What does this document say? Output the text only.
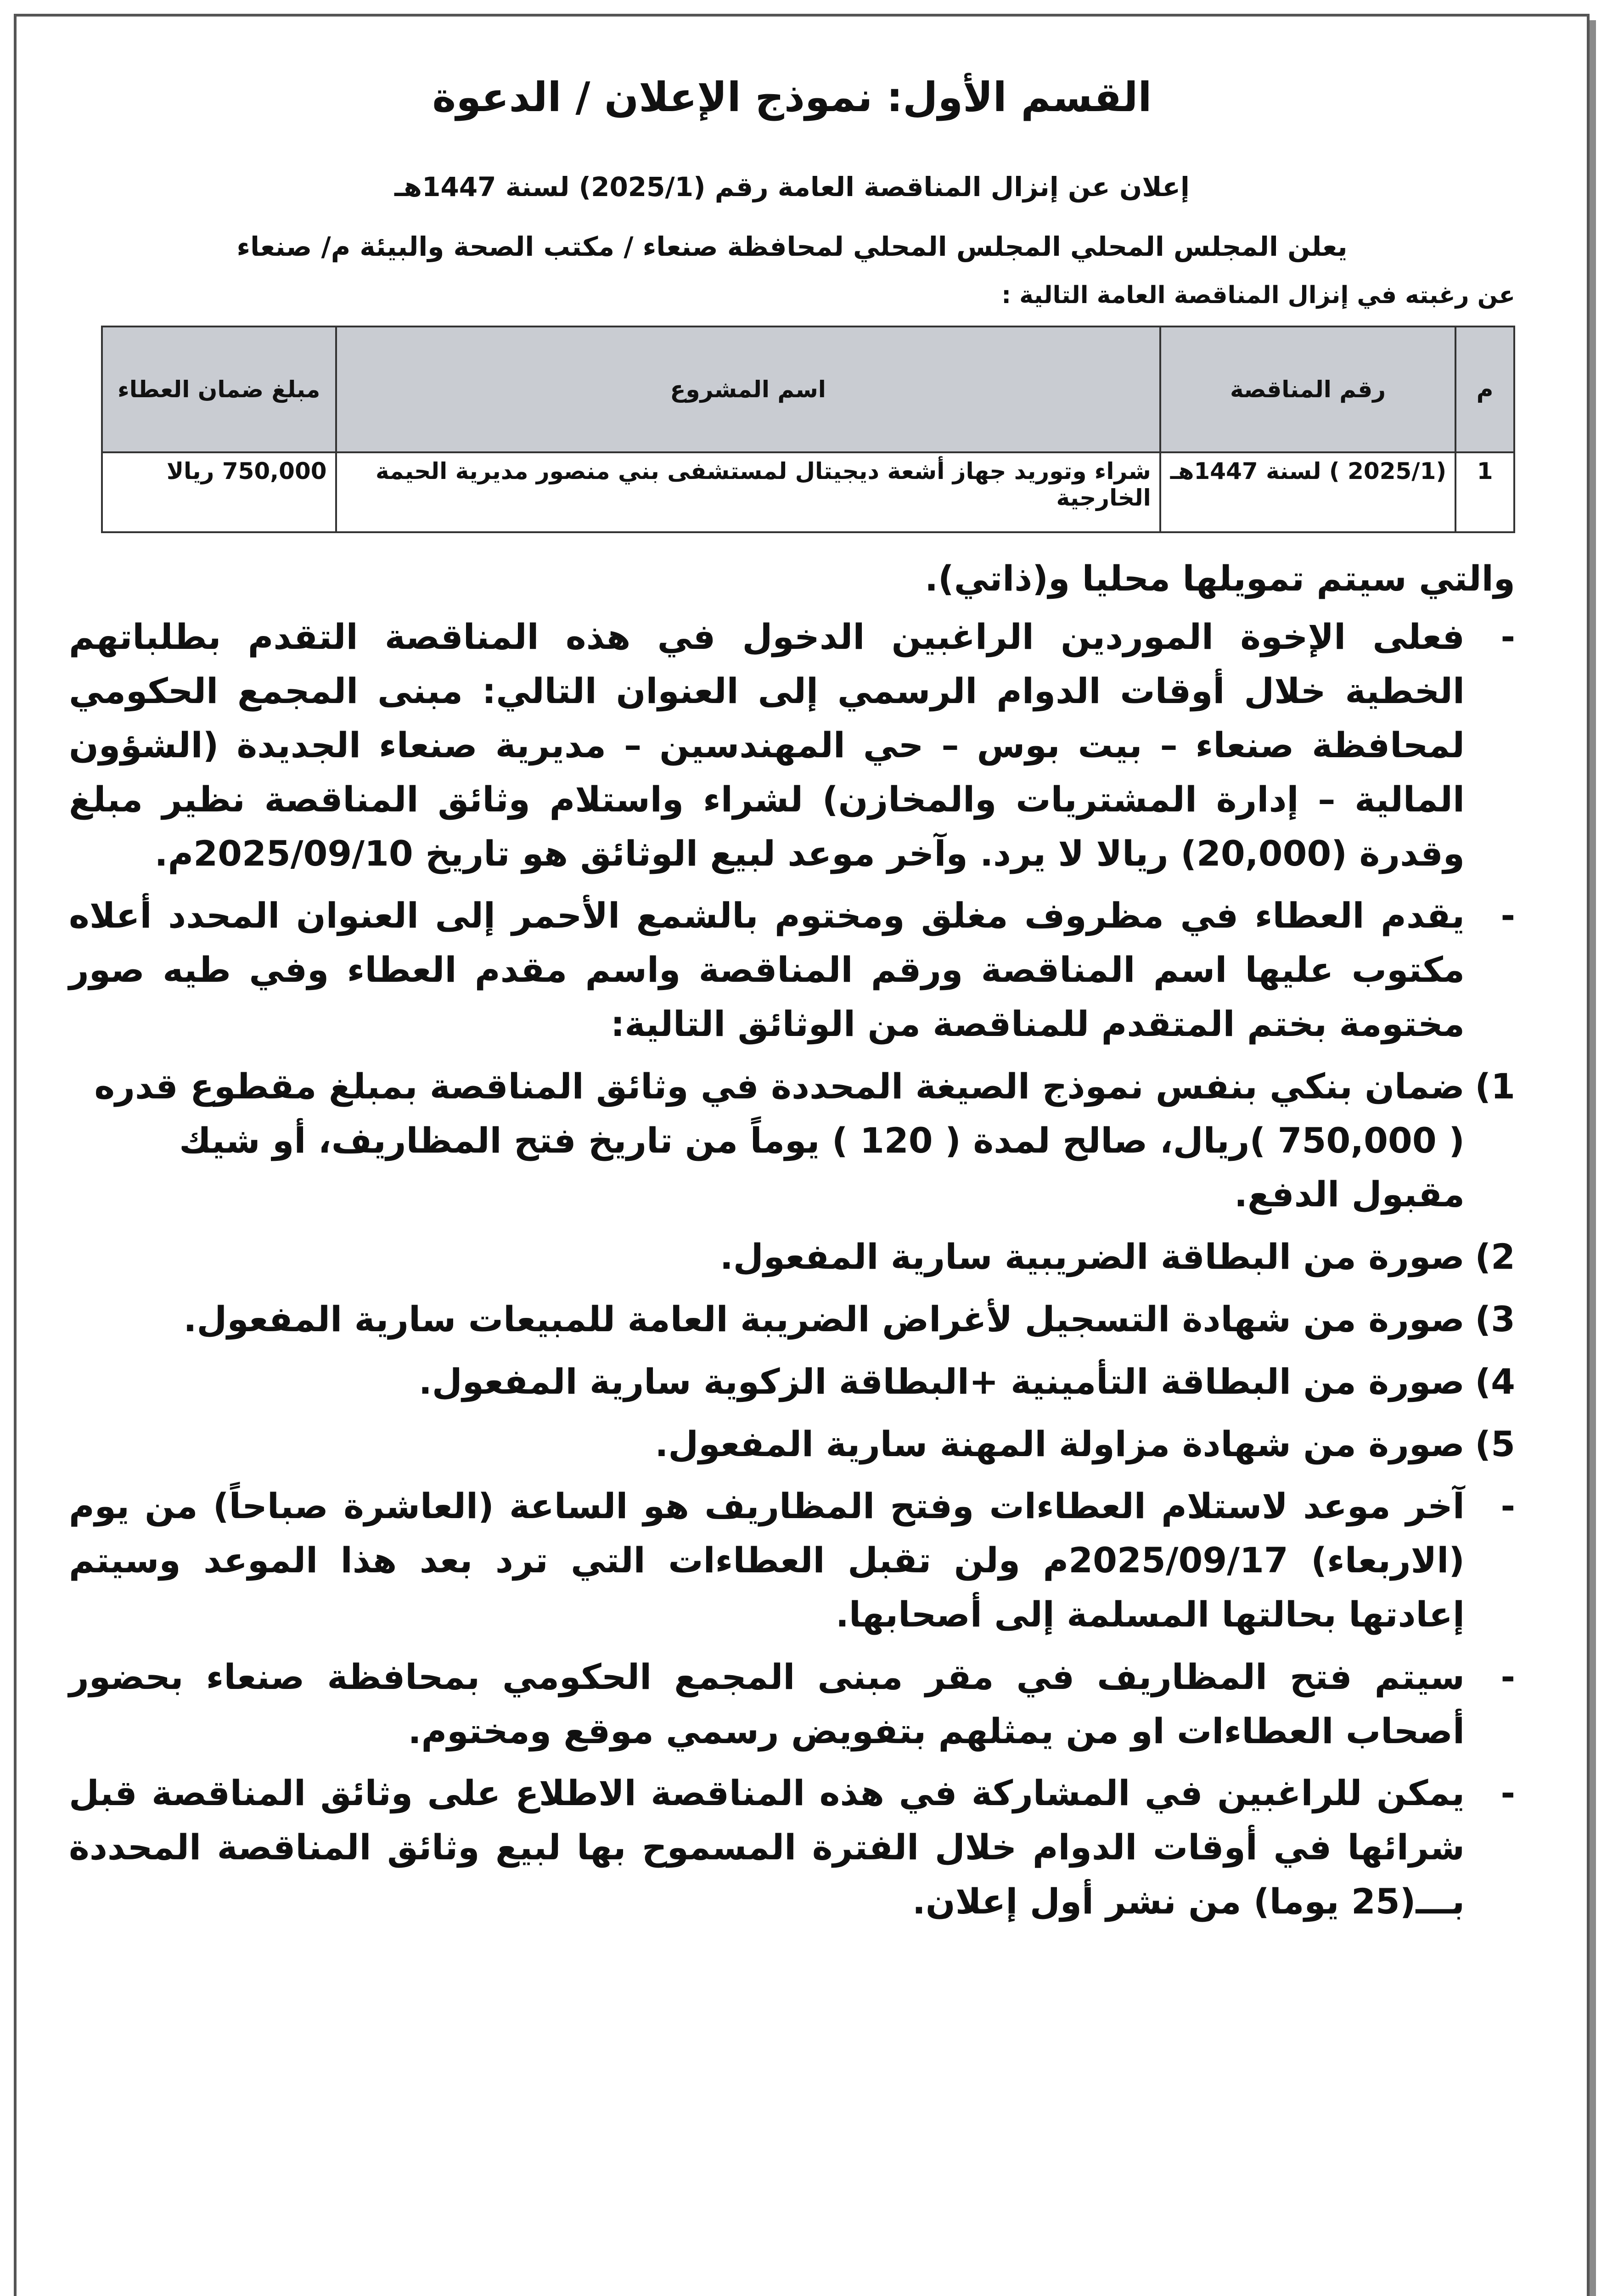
القسم الأول: نموذج الإعلان / الدعوة

إعلان عن إنزال المناقصة العامة رقم (2025/1) لسنة 1447هـ

يعلن المجلس المحلي المجلس المحلي لمحافظة صنعاء / مكتب الصحة والبيئة م/ صنعاء

عن رغبته في إنزال المناقصة العامة التالية :

م	رقم المناقصة	اسم المشروع	مبلغ ضمان العطاء
1	(2025/1 ) لسنة 1447هـ	شراء وتوريد جهاز أشعة ديجيتال لمستشفى بني منصور مديرية الحيمة الخارجية	750,000 ريالا

والتي سيتم تمويلها محليا و(ذاتي).

-
فعلى الإخوة الموردين الراغبين الدخول في هذه المناقصة التقدم بطلباتهم الخطية خلال أوقات الدوام الرسمي إلى العنوان التالي: مبنى المجمع الحكومي لمحافظة صنعاء – بيت بوس – حي المهندسين – مديرية صنعاء الجديدة (الشؤون المالية – إدارة المشتريات والمخازن) لشراء واستلام وثائق المناقصة نظير مبلغ وقدرة (20,000) ريالا لا يرد. وآخر موعد لبيع الوثائق هو تاريخ 2025/09/10م.
-
يقدم العطاء في مظروف مغلق ومختوم بالشمع الأحمر إلى العنوان المحدد أعلاه مكتوب عليها اسم المناقصة ورقم المناقصة واسم مقدم العطاء وفي طيه صور مختومة بختم المتقدم للمناقصة من الوثائق التالية:
1)
ضمان بنكي بنفس نموذج الصيغة المحددة في وثائق المناقصة بمبلغ مقطوع قدره ( 750,000 )ريال، صالح لمدة ( 120 ) يوماً من تاريخ فتح المظاريف، أو شيك مقبول الدفع.
2)
صورة من البطاقة الضريبية سارية المفعول.
3)
صورة من شهادة التسجيل لأغراض الضريبة العامة للمبيعات سارية المفعول.
4)
صورة من البطاقة التأمينية +البطاقة الزكوية سارية المفعول.
5)
صورة من شهادة مزاولة المهنة سارية المفعول.
-
آخر موعد لاستلام العطاءات وفتح المظاريف هو الساعة (العاشرة صباحاً) من يوم (الاربعاء) 2025/09/17م ولن تقبل العطاءات التي ترد بعد هذا الموعد وسيتم إعادتها بحالتها المسلمة إلى أصحابها.
-
سيتم فتح المظاريف في مقر مبنى المجمع الحكومي بمحافظة صنعاء بحضور أصحاب العطاءات او من يمثلهم بتفويض رسمي موقع ومختوم.
-
يمكن للراغبين في المشاركة في هذه المناقصة الاطلاع على وثائق المناقصة قبل شرائها في أوقات الدوام خلال الفترة المسموح بها لبيع وثائق المناقصة المحددة بـــ(25 يوما) من نشر أول إعلان.
